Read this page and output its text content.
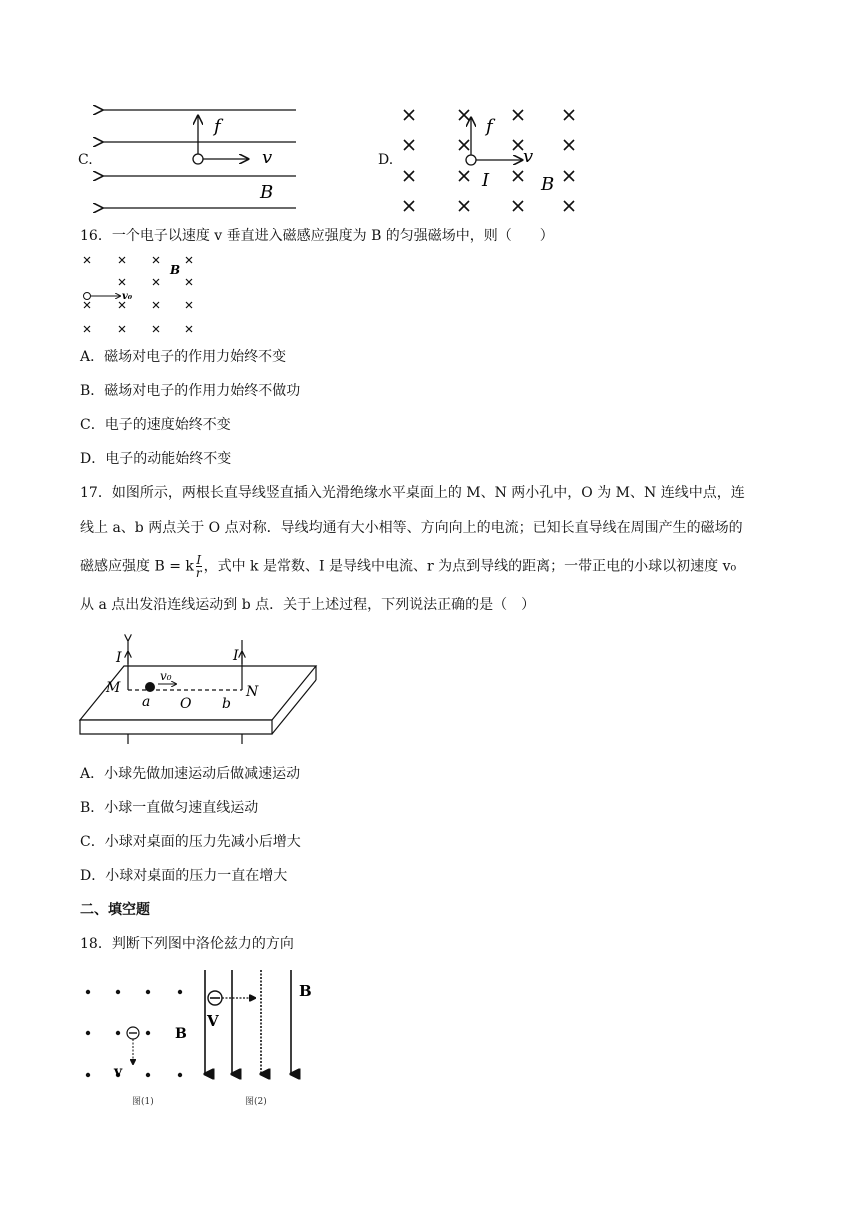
C.
f
v
B
D.
f
v
I	B
16．一个电子以速度 v 垂直进入磁感应强度为 B 的匀强磁场中，则（　　）
v₀
B
A．磁场对电子的作用力始终不变
B．磁场对电子的作用力始终不做功
C．电子的速度始终不变
D．电子的动能始终不变
17．如图所示，两根长直导线竖直插入光滑绝缘水平桌面上的 M、N 两小孔中，O 为 M、N 连线中点，连
线上 a、b 两点关于 O 点对称．导线均通有大小相等、方向向上的电流；已知长直导线在周围产生的磁场的
磁感应强度 B = k $\frac{I}{r}$ ，式中 k 是常数、I 是导线中电流、r 为点到导线的距离；一带正电的小球以初速度 v₀
从 a 点出发沿连线运动到 b 点．关于上述过程，下列说法正确的是（　）
v₀
I	I
M	N
a O b
A．小球先做加速运动后做减速运动
B．小球一直做匀速直线运动
C．小球对桌面的压力先减小后增大
D．小球对桌面的压力一直在增大
二、填空题
18．判断下列图中洛伦兹力的方向
v
B
图(1)
V
B
图(2)
